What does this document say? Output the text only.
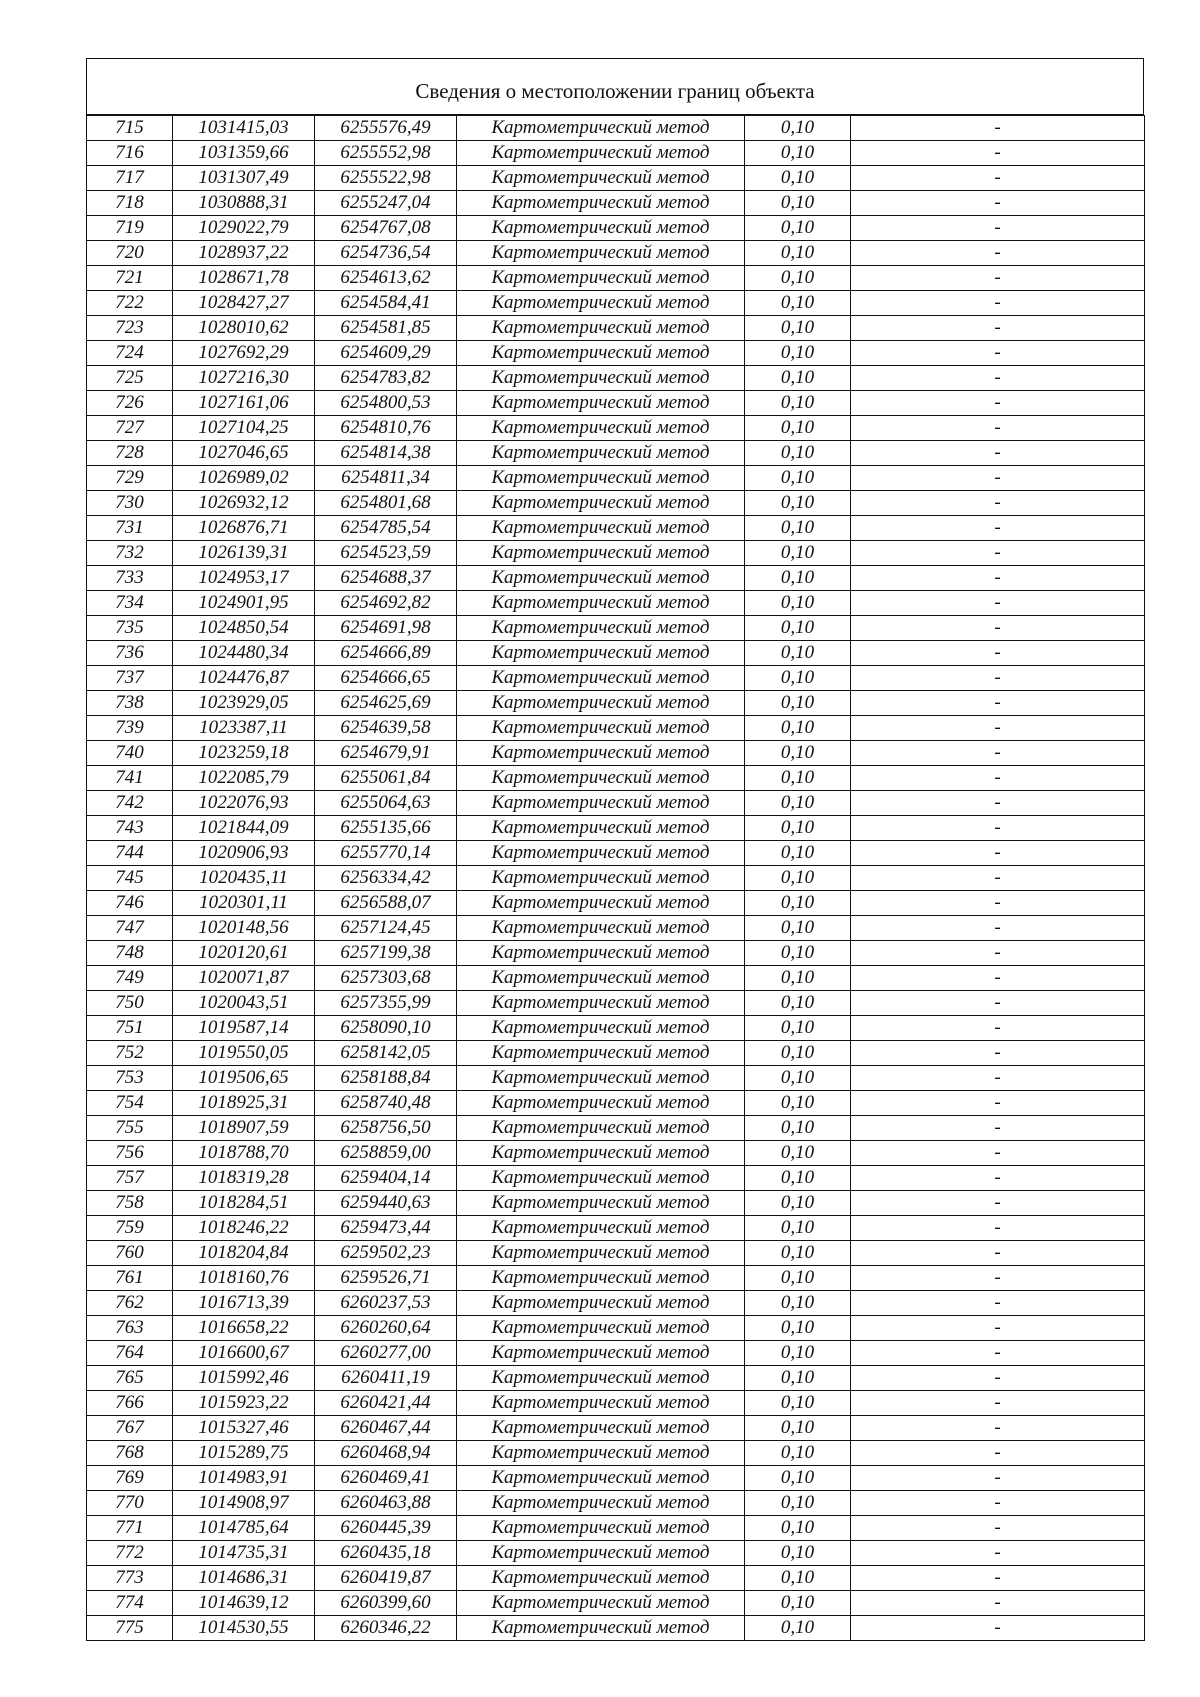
Сведения о местоположении границ объекта
715	1031415,03	6255576,49	Картометрический метод	0,10	-
716	1031359,66	6255552,98	Картометрический метод	0,10	-
717	1031307,49	6255522,98	Картометрический метод	0,10	-
718	1030888,31	6255247,04	Картометрический метод	0,10	-
719	1029022,79	6254767,08	Картометрический метод	0,10	-
720	1028937,22	6254736,54	Картометрический метод	0,10	-
721	1028671,78	6254613,62	Картометрический метод	0,10	-
722	1028427,27	6254584,41	Картометрический метод	0,10	-
723	1028010,62	6254581,85	Картометрический метод	0,10	-
724	1027692,29	6254609,29	Картометрический метод	0,10	-
725	1027216,30	6254783,82	Картометрический метод	0,10	-
726	1027161,06	6254800,53	Картометрический метод	0,10	-
727	1027104,25	6254810,76	Картометрический метод	0,10	-
728	1027046,65	6254814,38	Картометрический метод	0,10	-
729	1026989,02	6254811,34	Картометрический метод	0,10	-
730	1026932,12	6254801,68	Картометрический метод	0,10	-
731	1026876,71	6254785,54	Картометрический метод	0,10	-
732	1026139,31	6254523,59	Картометрический метод	0,10	-
733	1024953,17	6254688,37	Картометрический метод	0,10	-
734	1024901,95	6254692,82	Картометрический метод	0,10	-
735	1024850,54	6254691,98	Картометрический метод	0,10	-
736	1024480,34	6254666,89	Картометрический метод	0,10	-
737	1024476,87	6254666,65	Картометрический метод	0,10	-
738	1023929,05	6254625,69	Картометрический метод	0,10	-
739	1023387,11	6254639,58	Картометрический метод	0,10	-
740	1023259,18	6254679,91	Картометрический метод	0,10	-
741	1022085,79	6255061,84	Картометрический метод	0,10	-
742	1022076,93	6255064,63	Картометрический метод	0,10	-
743	1021844,09	6255135,66	Картометрический метод	0,10	-
744	1020906,93	6255770,14	Картометрический метод	0,10	-
745	1020435,11	6256334,42	Картометрический метод	0,10	-
746	1020301,11	6256588,07	Картометрический метод	0,10	-
747	1020148,56	6257124,45	Картометрический метод	0,10	-
748	1020120,61	6257199,38	Картометрический метод	0,10	-
749	1020071,87	6257303,68	Картометрический метод	0,10	-
750	1020043,51	6257355,99	Картометрический метод	0,10	-
751	1019587,14	6258090,10	Картометрический метод	0,10	-
752	1019550,05	6258142,05	Картометрический метод	0,10	-
753	1019506,65	6258188,84	Картометрический метод	0,10	-
754	1018925,31	6258740,48	Картометрический метод	0,10	-
755	1018907,59	6258756,50	Картометрический метод	0,10	-
756	1018788,70	6258859,00	Картометрический метод	0,10	-
757	1018319,28	6259404,14	Картометрический метод	0,10	-
758	1018284,51	6259440,63	Картометрический метод	0,10	-
759	1018246,22	6259473,44	Картометрический метод	0,10	-
760	1018204,84	6259502,23	Картометрический метод	0,10	-
761	1018160,76	6259526,71	Картометрический метод	0,10	-
762	1016713,39	6260237,53	Картометрический метод	0,10	-
763	1016658,22	6260260,64	Картометрический метод	0,10	-
764	1016600,67	6260277,00	Картометрический метод	0,10	-
765	1015992,46	6260411,19	Картометрический метод	0,10	-
766	1015923,22	6260421,44	Картометрический метод	0,10	-
767	1015327,46	6260467,44	Картометрический метод	0,10	-
768	1015289,75	6260468,94	Картометрический метод	0,10	-
769	1014983,91	6260469,41	Картометрический метод	0,10	-
770	1014908,97	6260463,88	Картометрический метод	0,10	-
771	1014785,64	6260445,39	Картометрический метод	0,10	-
772	1014735,31	6260435,18	Картометрический метод	0,10	-
773	1014686,31	6260419,87	Картометрический метод	0,10	-
774	1014639,12	6260399,60	Картометрический метод	0,10	-
775	1014530,55	6260346,22	Картометрический метод	0,10	-
